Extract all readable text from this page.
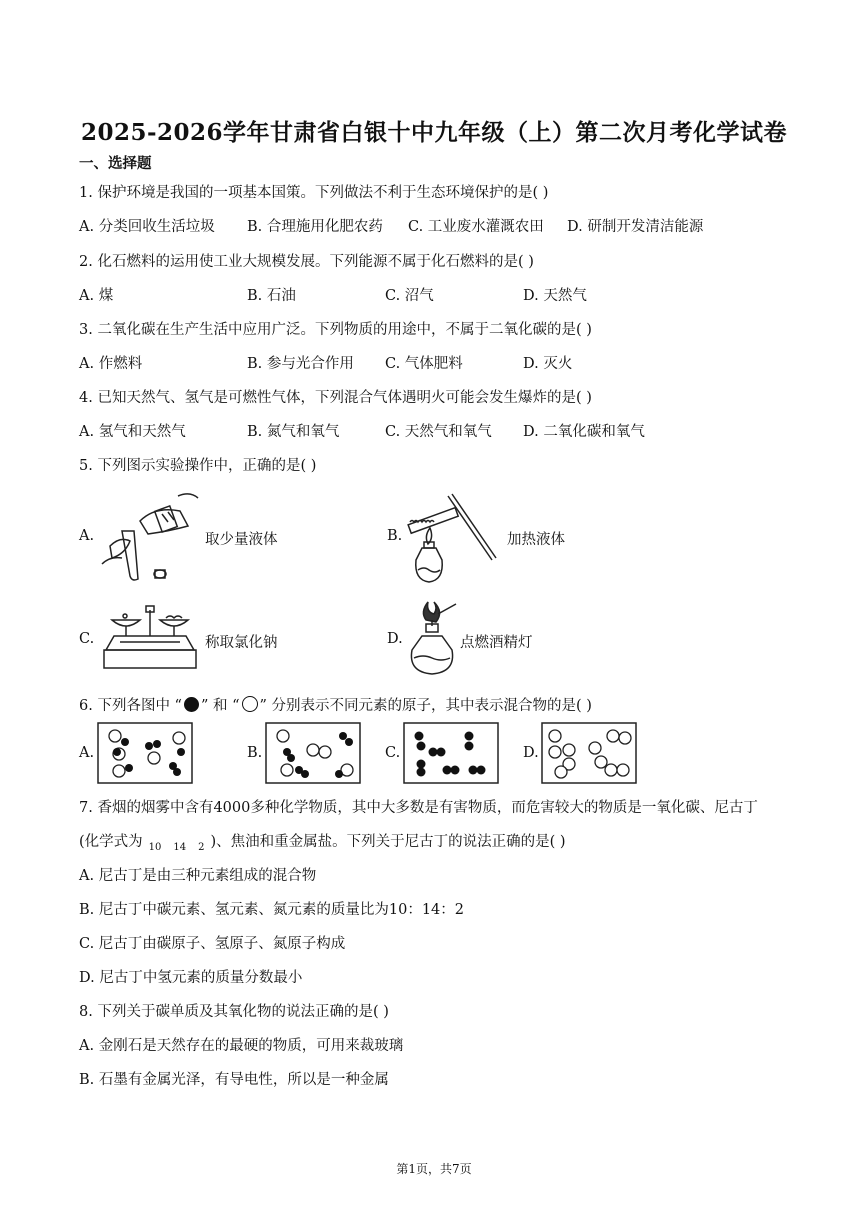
2025-2026学年甘肃省白银十中九年级（上）第二次月考化学试卷
一、选择题
1. 保护环境是我国的一项基本国策。下列做法不利于生态环境保护的是( )
A. 分类回收生活垃圾 B. 合理施用化肥农药 C. 工业废水灌溉农田 D. 研制开发清洁能源
2. 化石燃料的运用使工业大规模发展。下列能源不属于化石燃料的是( )
A. 煤	B. 石油	C. 沼气	D. 天然气
3. 二氧化碳在生产生活中应用广泛。下列物质的用途中，不属于二氧化碳的是( )
A. 作燃料	B. 参与光合作用 C. 气体肥料	D. 灭火
4. 已知天然气、氢气是可燃性气体，下列混合气体遇明火可能会发生爆炸的是( )
A. 氢气和天然气	B. 氮气和氧气	C. 天然气和氧气 D. 二氧化碳和氧气
5. 下列图示实验操作中，正确的是( )
A.	取少量液体	B.	加热液体
C.	称取氯化钠	D.	点燃酒精灯
6. 下列各图中 “ ” 和 “ ” 分别表示不同元素的原子，其中表示混合物的是( )
A.	B.	C.	D.
7. 香烟的烟雾中含有4000多种化学物质，其中大多数是有害物质，而危害较大的物质是一氧化碳、尼古丁
(化学式为 $_{10}$ $_{14}$ $_2$ )、焦油和重金属盐。下列关于尼古丁的说法正确的是( )
A. 尼古丁是由三种元素组成的混合物
B. 尼古丁中碳元素、氢元素、氮元素的质量比为10：14：2
C. 尼古丁由碳原子、氢原子、氮原子构成
D. 尼古丁中氢元素的质量分数最小
8. 下列关于碳单质及其氧化物的说法正确的是( )
A. 金刚石是天然存在的最硬的物质，可用来裁玻璃
B. 石墨有金属光泽，有导电性，所以是一种金属
第1页，共7页
